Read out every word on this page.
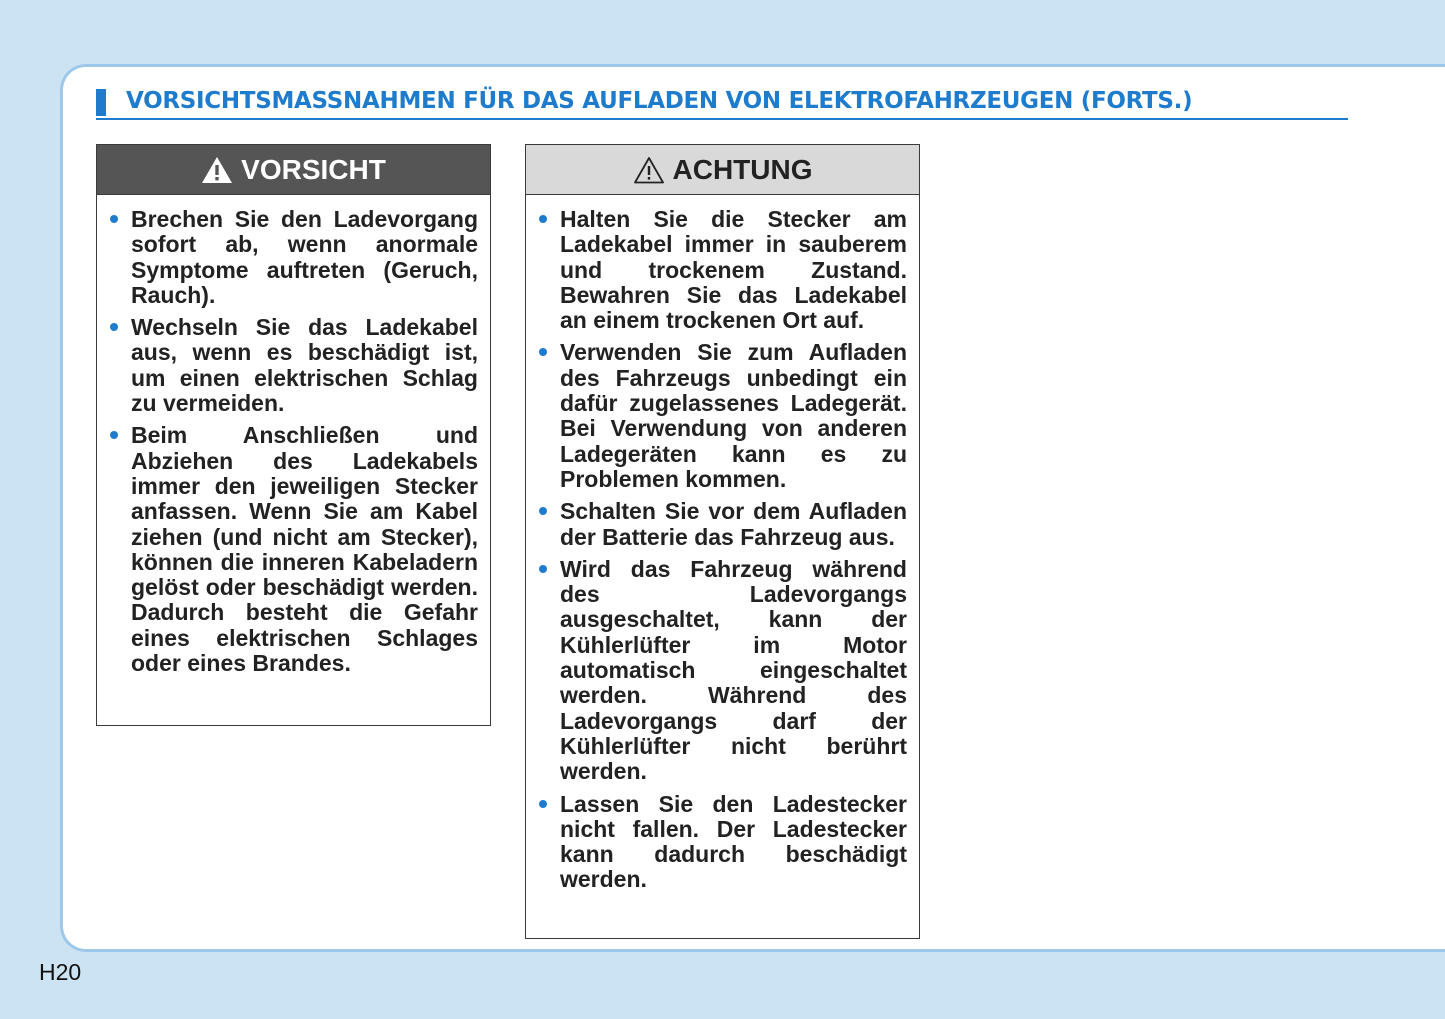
VORSICHTSMASSNAHMEN FÜR DAS AUFLADEN VON ELEKTROFAHRZEUGEN (FORTS.)
VORSICHT
Brechen Sie den Ladevorgang sofort ab, wenn anormale Symptome auftreten (Geruch, Rauch).
Wechseln Sie das Ladekabel aus, wenn es beschädigt ist, um einen elektrischen Schlag zu vermeiden.
Beim Anschließen und Abziehen des Ladekabels immer den jeweiligen Stecker anfassen. Wenn Sie am Kabel ziehen (und nicht am Stecker), können die inneren Kabeladern gelöst oder beschädigt werden. Dadurch besteht die Gefahr eines elektrischen Schlages oder eines Brandes.
ACHTUNG
Halten Sie die Stecker am Ladekabel immer in sauberem und trockenem Zustand. Bewahren Sie das Ladekabel an einem trockenen Ort auf.
Verwenden Sie zum Aufladen des Fahrzeugs unbedingt ein dafür zugelassenes Ladegerät. Bei Verwendung von anderen Ladegeräten kann es zu Problemen kommen.
Schalten Sie vor dem Aufladen der Batterie das Fahrzeug aus.
Wird das Fahrzeug während des Ladevorgangs ausgeschaltet, kann der Kühlerlüfter im Motor automatisch eingeschaltet werden. Während des Ladevorgangs darf der Kühlerlüfter nicht berührt werden.
Lassen Sie den Ladestecker nicht fallen. Der Ladestecker kann dadurch beschädigt werden.
H20
